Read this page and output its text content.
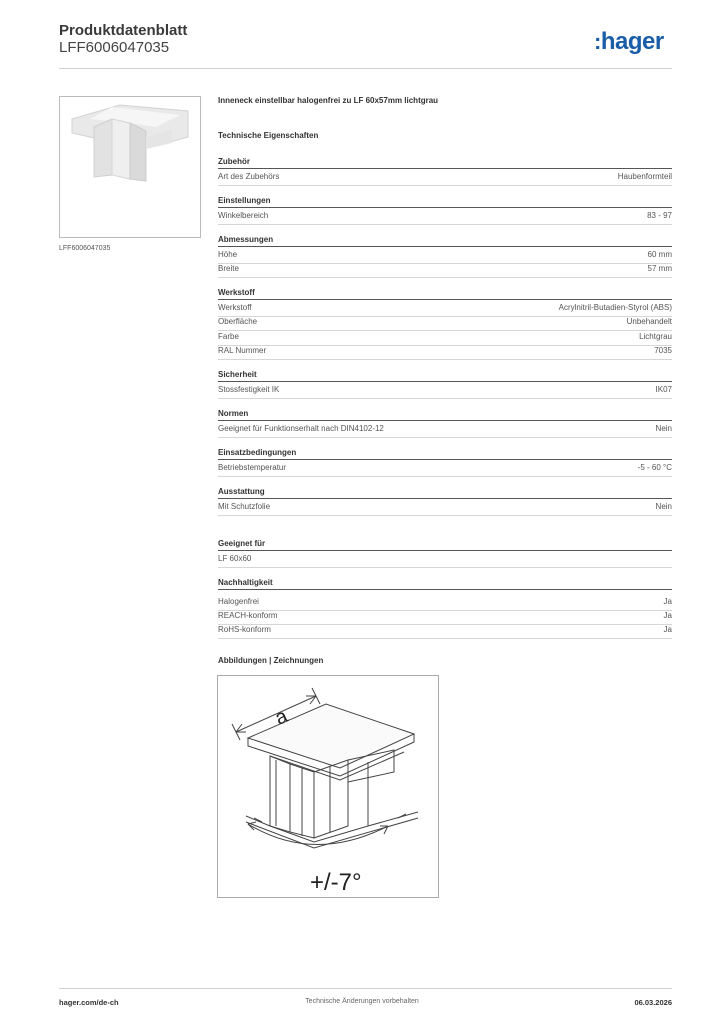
Produktdatenblatt
LFF6006047035	:hager
LFF6006047035
Inneneck einstellbar halogenfrei zu LF 60x57mm lichtgrau
Technische Eigenschaften
Zubehör
Art des Zubehörs	Haubenformteil
Einstellungen
Winkelbereich	83 - 97
Abmessungen
Höhe	60 mm
Breite	57 mm
Werkstoff
Werkstoff	Acrylnitril-Butadien-Styrol (ABS)
Oberfläche	Unbehandelt
Farbe	Lichtgrau
RAL Nummer	7035
Sicherheit
Stossfestigkeit IK	IK07
Normen
Geeignet für Funktionserhalt nach DIN4102-12	Nein
Einsatzbedingungen
Betriebstemperatur	-5 - 60 °C
Ausstattung
Mit Schutzfolie	Nein
Geeignet für
LF 60x60
Nachhaltigkeit
Halogenfrei	Ja
REACH-konform	Ja
RoHS-konform	Ja
Abbildungen | Zeichnungen
a
+/-7°
hager.com/de-ch	Technische Änderungen vorbehalten	06.03.2026
